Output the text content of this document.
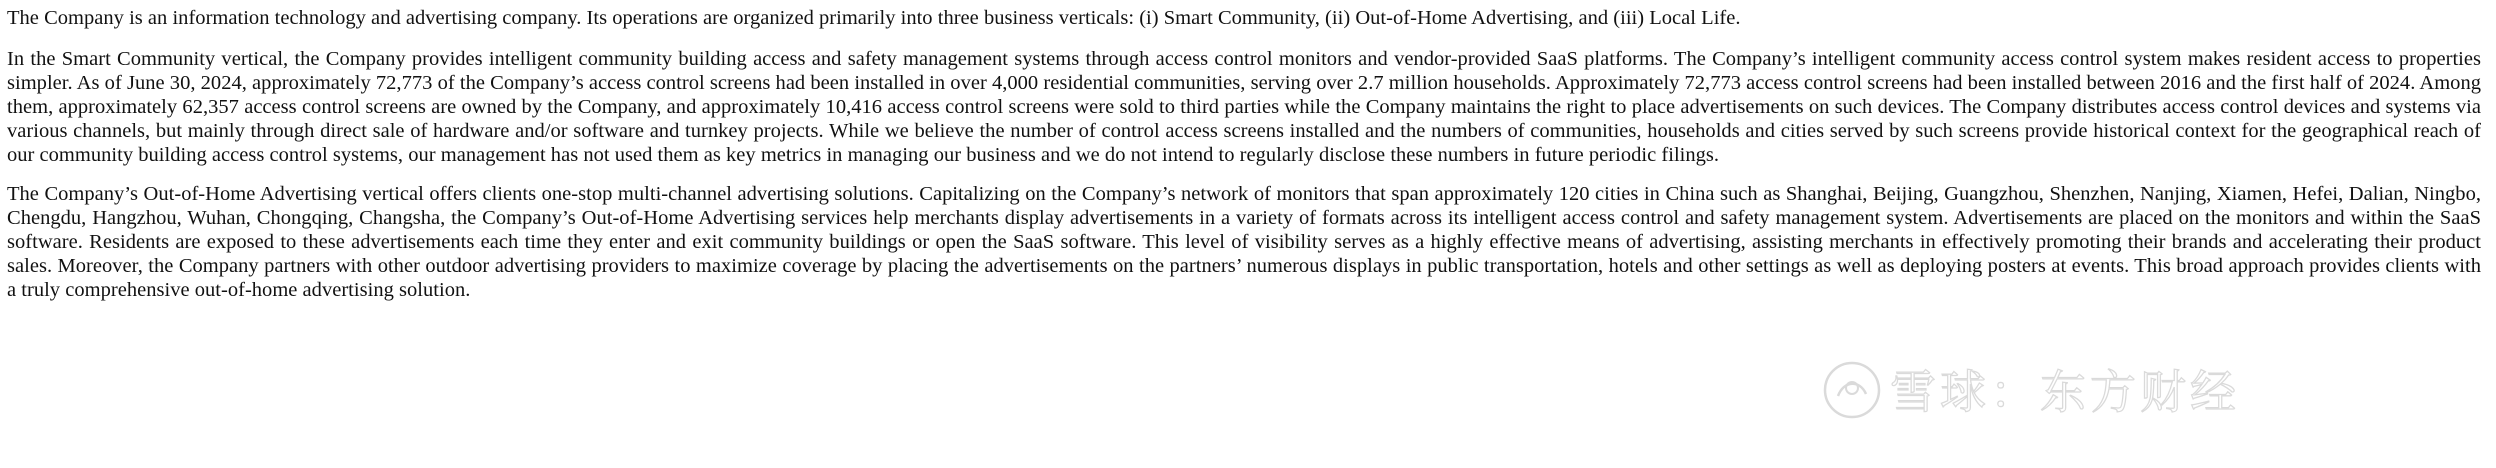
The Company is an information technology and advertising company. Its operations are organized primarily into three business verticals: (i) Smart Community, (ii) Out-of-Home Advertising, and (iii) Local Life.

In the Smart Community vertical, the Company provides intelligent community building access and safety management systems through access control monitors and vendor-provided SaaS platforms. The Company’s intelligent community access control system makes resident access to properties simpler. As of June 30, 2024, approximately 72,773 of the Company’s access control screens had been installed in over 4,000 residential communities, serving over 2.7 million households. Approximately 72,773 access control screens had been installed between 2016 and the first half of 2024. Among them, approximately 62,357 access control screens are owned by the Company, and approximately 10,416 access control screens were sold to third parties while the Company maintains the right to place advertisements on such devices. The Company distributes access control devices and systems via various channels, but mainly through direct sale of hardware and/or software and turnkey projects. While we believe the number of control access screens installed and the numbers of communities, households and cities served by such screens provide historical context for the geographical reach of our community building access control systems, our management has not used them as key metrics in managing our business and we do not intend to regularly disclose these numbers in future periodic filings.

The Company’s Out-of-Home Advertising vertical offers clients one-stop multi-channel advertising solutions. Capitalizing on the Company’s network of monitors that span approximately 120 cities in China such as Shanghai, Beijing, Guangzhou, Shenzhen, Nanjing, Xiamen, Hefei, Dalian, Ningbo, Chengdu, Hangzhou, Wuhan, Chongqing, Changsha, the Company’s Out-of-Home Advertising services help merchants display advertisements in a variety of formats across its intelligent access control and safety management system. Advertisements are placed on the monitors and within the SaaS software. Residents are exposed to these advertisements each time they enter and exit community buildings or open the SaaS software. This level of visibility serves as a highly effective means of advertising, assisting merchants in effectively promoting their brands and accelerating their product sales. Moreover, the Company partners with other outdoor advertising providers to maximize coverage by placing the advertisements on the partners’ numerous displays in public transportation, hotels and other settings as well as deploying posters at events. This broad approach provides clients with a truly comprehensive out-of-home advertising solution.

雪球：东方财经
